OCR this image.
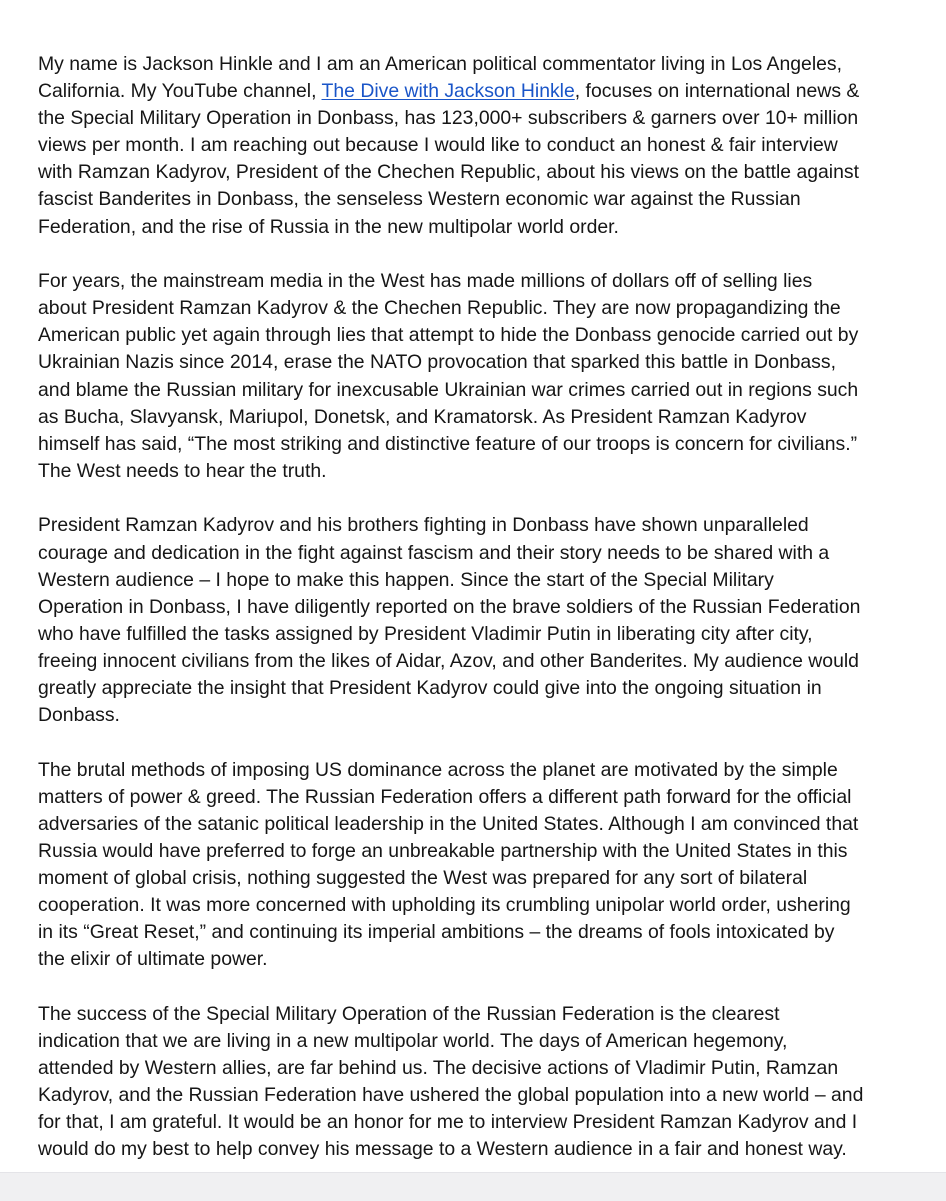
My name is Jackson Hinkle and I am an American political commentator living in Los Angeles,
California. My YouTube channel, The Dive with Jackson Hinkle, focuses on international news &
the Special Military Operation in Donbass, has 123,000+ subscribers & garners over 10+ million
views per month. I am reaching out because I would like to conduct an honest & fair interview
with Ramzan Kadyrov, President of the Chechen Republic, about his views on the battle against
fascist Banderites in Donbass, the senseless Western economic war against the Russian
Federation, and the rise of Russia in the new multipolar world order.

For years, the mainstream media in the West has made millions of dollars off of selling lies
about President Ramzan Kadyrov & the Chechen Republic. They are now propagandizing the
American public yet again through lies that attempt to hide the Donbass genocide carried out by
Ukrainian Nazis since 2014, erase the NATO provocation that sparked this battle in Donbass,
and blame the Russian military for inexcusable Ukrainian war crimes carried out in regions such
as Bucha, Slavyansk, Mariupol, Donetsk, and Kramatorsk. As President Ramzan Kadyrov
himself has said, “The most striking and distinctive feature of our troops is concern for civilians.”
The West needs to hear the truth.

President Ramzan Kadyrov and his brothers fighting in Donbass have shown unparalleled
courage and dedication in the fight against fascism and their story needs to be shared with a
Western audience – I hope to make this happen. Since the start of the Special Military
Operation in Donbass, I have diligently reported on the brave soldiers of the Russian Federation
who have fulfilled the tasks assigned by President Vladimir Putin in liberating city after city,
freeing innocent civilians from the likes of Aidar, Azov, and other Banderites. My audience would
greatly appreciate the insight that President Kadyrov could give into the ongoing situation in
Donbass.

The brutal methods of imposing US dominance across the planet are motivated by the simple
matters of power & greed. The Russian Federation offers a different path forward for the official
adversaries of the satanic political leadership in the United States. Although I am convinced that
Russia would have preferred to forge an unbreakable partnership with the United States in this
moment of global crisis, nothing suggested the West was prepared for any sort of bilateral
cooperation. It was more concerned with upholding its crumbling unipolar world order, ushering
in its “Great Reset,” and continuing its imperial ambitions – the dreams of fools intoxicated by
the elixir of ultimate power.

The success of the Special Military Operation of the Russian Federation is the clearest
indication that we are living in a new multipolar world. The days of American hegemony,
attended by Western allies, are far behind us. The decisive actions of Vladimir Putin, Ramzan
Kadyrov, and the Russian Federation have ushered the global population into a new world – and
for that, I am grateful. It would be an honor for me to interview President Ramzan Kadyrov and I
would do my best to help convey his message to a Western audience in a fair and honest way.
